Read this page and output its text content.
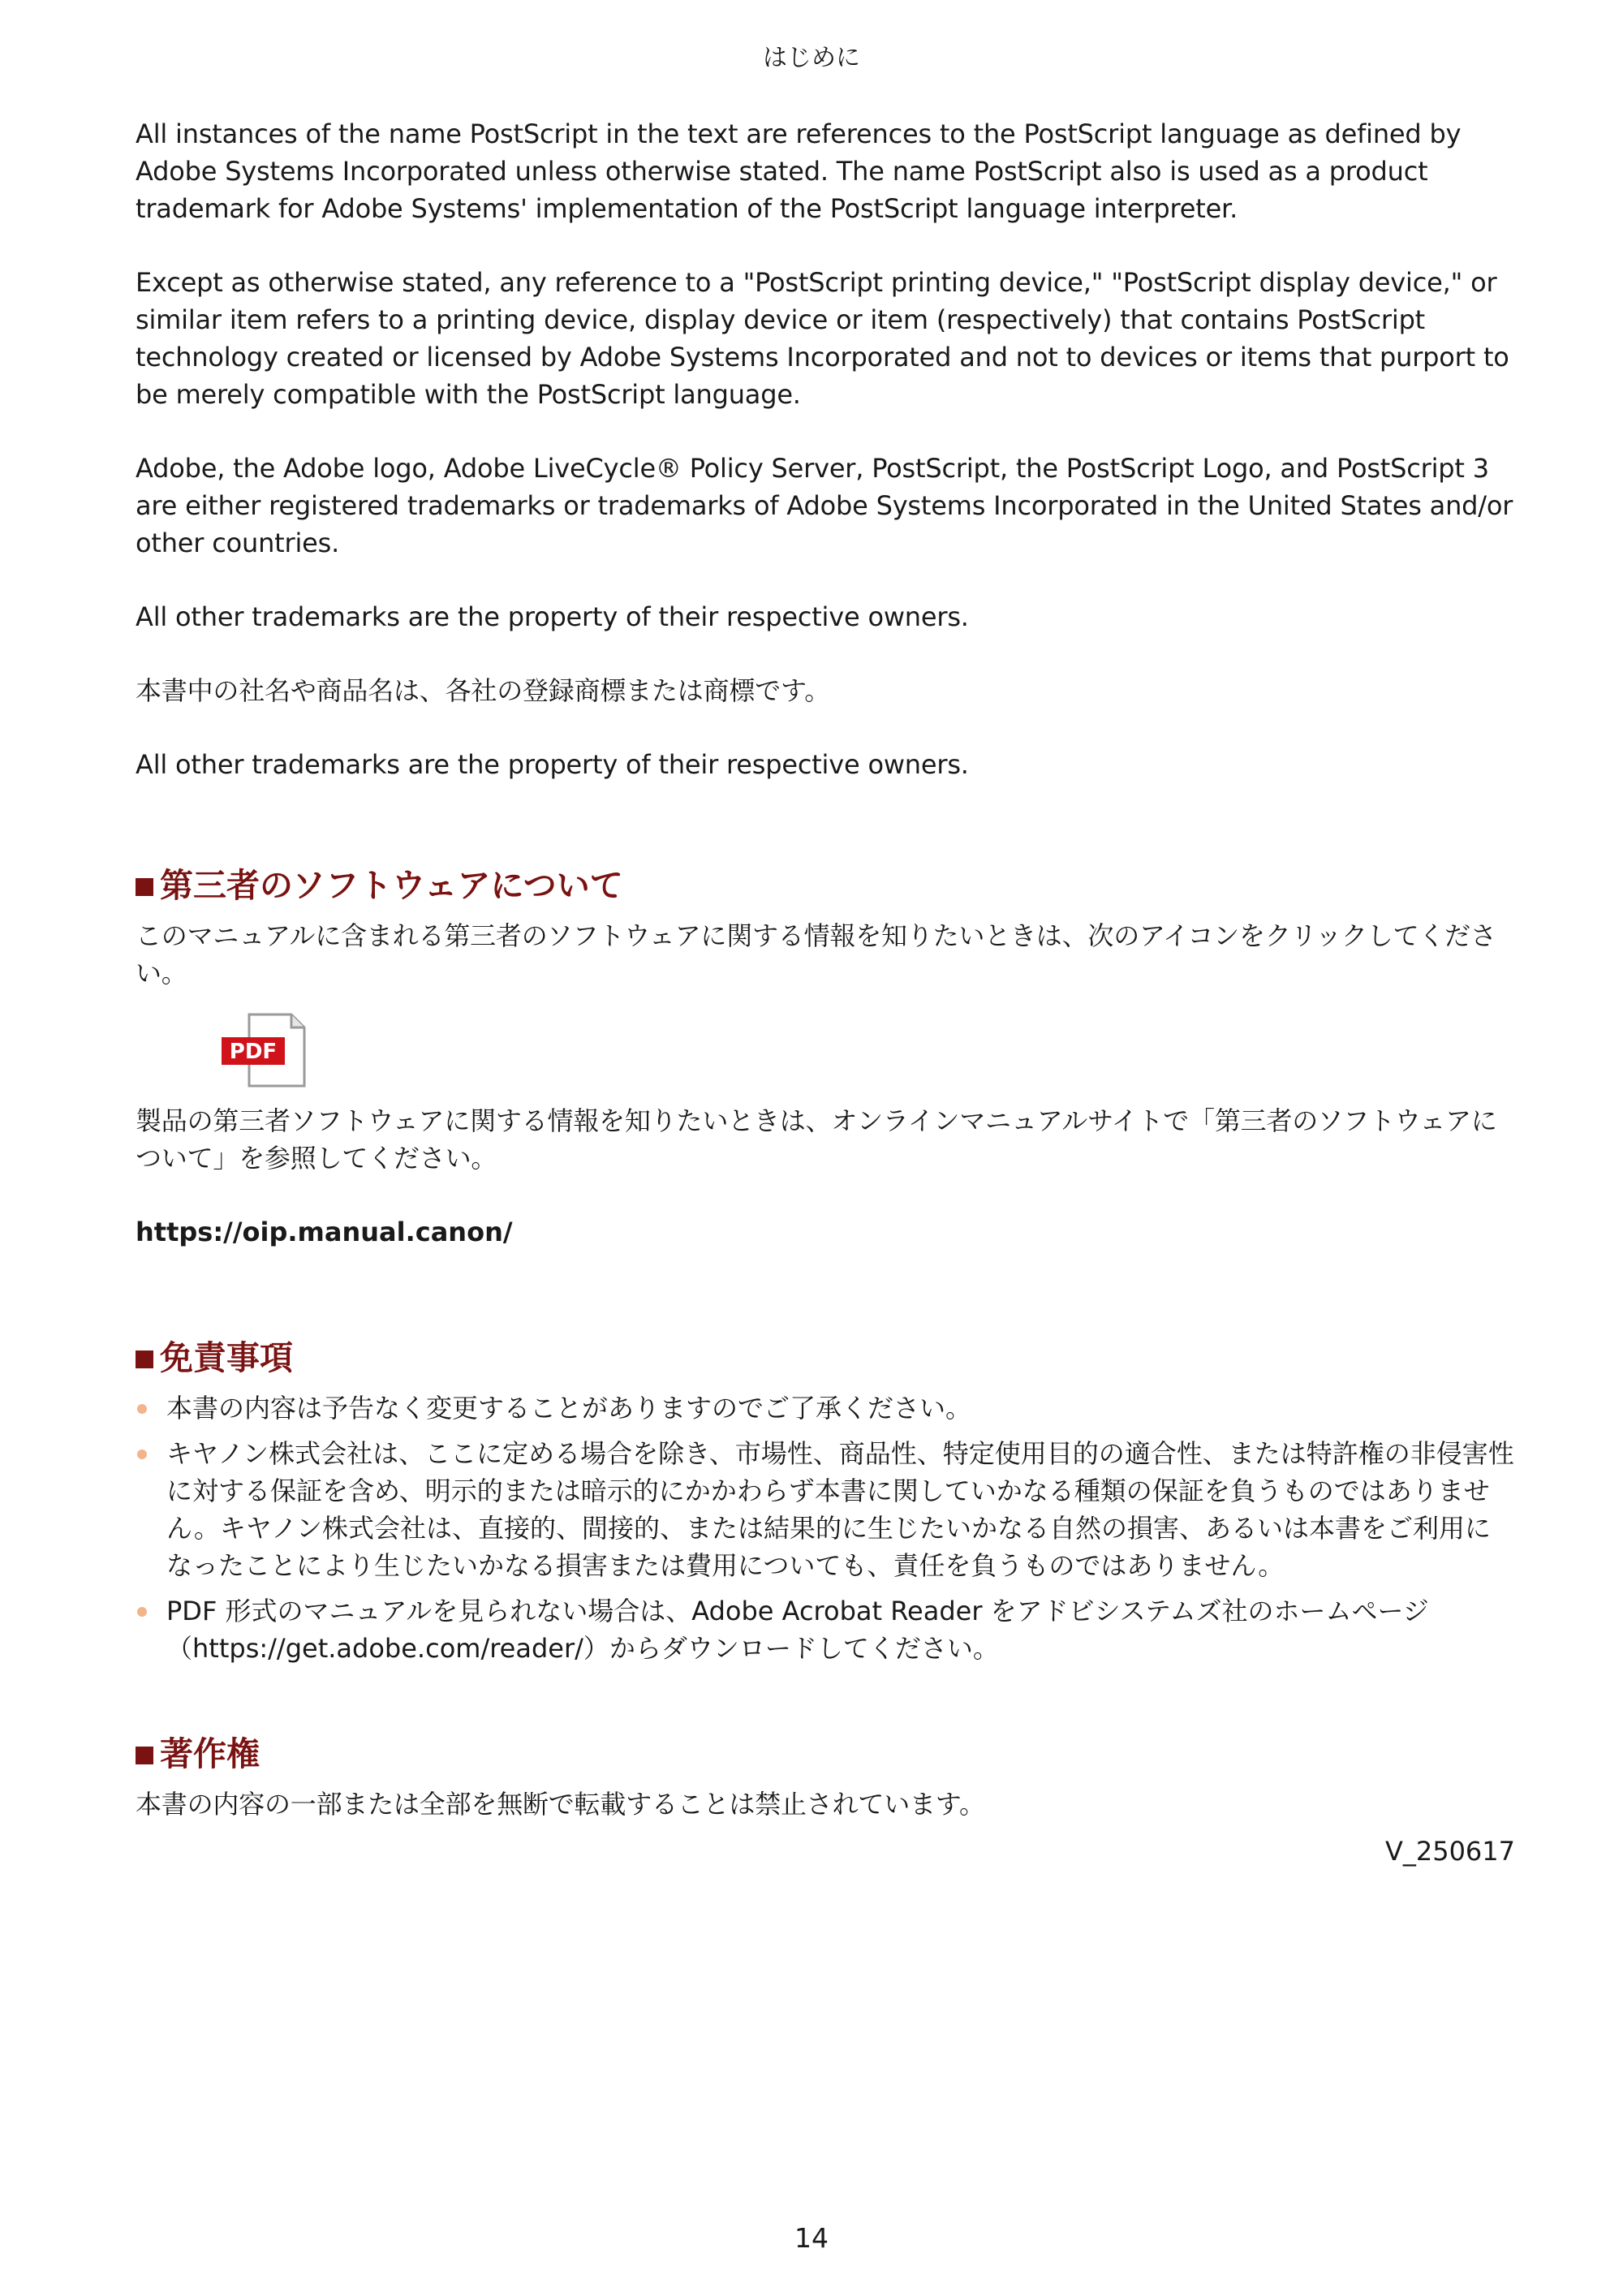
はじめに

All instances of the name PostScript in the text are references to the PostScript language as defined by Adobe Systems Incorporated unless otherwise stated. The name PostScript also is used as a product trademark for Adobe Systems' implementation of the PostScript language interpreter.

Except as otherwise stated, any reference to a "PostScript printing device," "PostScript display device," or similar item refers to a printing device, display device or item (respectively) that contains PostScript technology created or licensed by Adobe Systems Incorporated and not to devices or items that purport to be merely compatible with the PostScript language.

Adobe, the Adobe logo, Adobe LiveCycle® Policy Server, PostScript, the PostScript Logo, and PostScript 3 are either registered trademarks or trademarks of Adobe Systems Incorporated in the United States and/or other countries.

All other trademarks are the property of their respective owners.

本書中の社名や商品名は、各社の登録商標または商標です。

All other trademarks are the property of their respective owners.

第三者のソフトウェアについて

このマニュアルに含まれる第三者のソフトウェアに関する情報を知りたいときは、次のアイコンをクリックしてください。

PDF

製品の第三者ソフトウェアに関する情報を知りたいときは、オンラインマニュアルサイトで「第三者のソフトウェアについて」を参照してください。

https://oip.manual.canon/

免責事項
本書の内容は予告なく変更することがありますのでご了承ください。
キヤノン株式会社は、ここに定める場合を除き、市場性、商品性、特定使用目的の適合性、または特許権の非侵害性に対する保証を含め、明示的または暗示的にかかわらず本書に関していかなる種類の保証を負うものではありません。キヤノン株式会社は、直接的、間接的、または結果的に生じたいかなる自然の損害、あるいは本書をご利用になったことにより生じたいかなる損害または費用についても、責任を負うものではありません。
PDF 形式のマニュアルを見られない場合は、Adobe Acrobat Reader をアドビシステムズ社のホームページ（https://get.adobe.com/reader/）からダウンロードしてください。
著作権

本書の内容の一部または全部を無断で転載することは禁止されています。

V_250617
14
